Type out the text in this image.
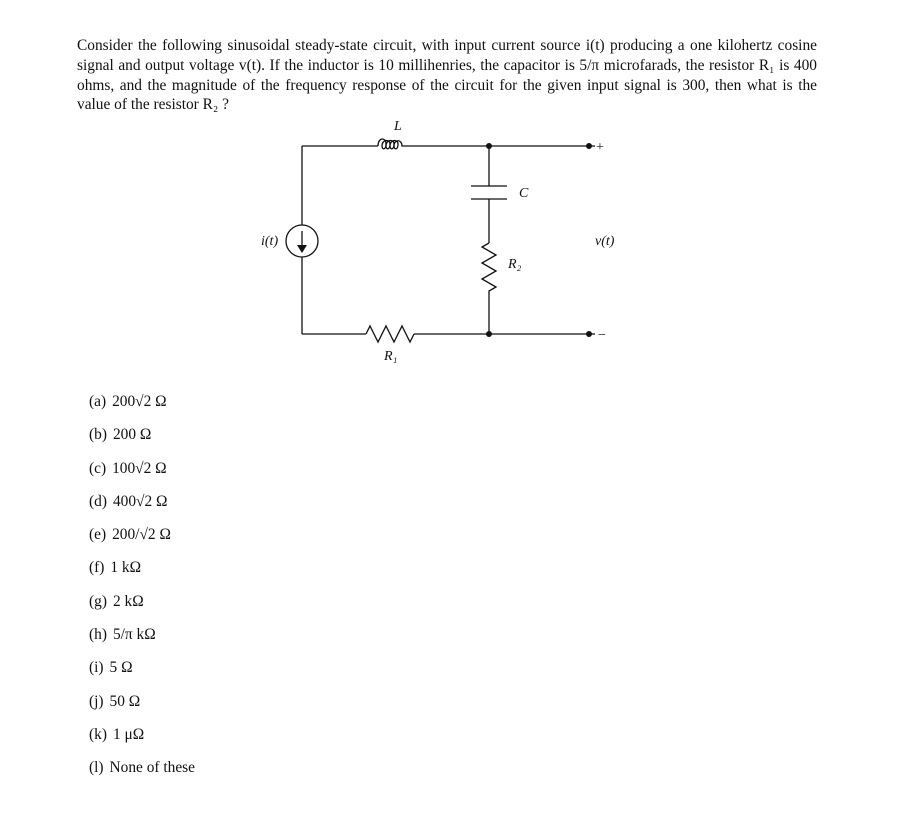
Consider the following sinusoidal steady-state circuit, with input current source i(t) producing a one kilohertz cosine signal and output voltage v(t). If the inductor is 10 millihenries, the capacitor is 5/π microfarads, the resistor R₁ is 400 ohms, and the magnitude of the frequency response of the circuit for the given input signal is 300, then what is the value of the resistor R₂ ?

i(t)
L
C
R₂
R₁
v(t)
+
−
(a) 200√2 Ω
(b) 200 Ω
(c) 100√2 Ω
(d) 400√2 Ω
(e) 200/√2 Ω
(f) 1 kΩ
(g) 2 kΩ
(h) 5/π kΩ
(i) 5 Ω
(j) 50 Ω
(k) 1 μΩ
(l) None of these
